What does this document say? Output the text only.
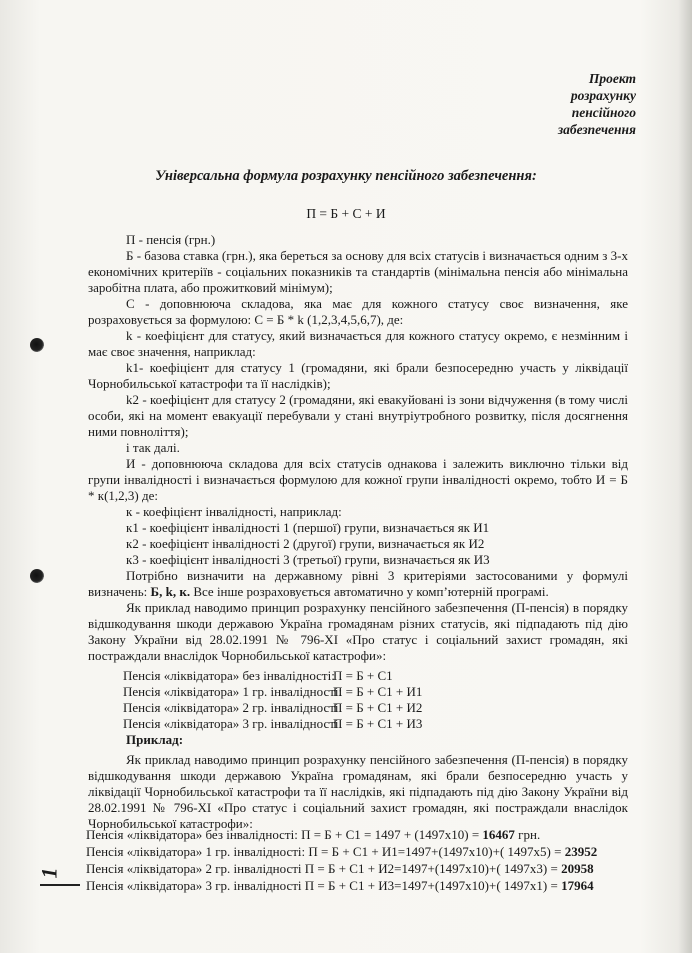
Проект
розрахунку
пенсійного
забезпечення
Універсальна формула розрахунку пенсійного забезпечення:
П = Б + С + И

П - пенсія (грн.)

Б - базова ставка (грн.), яка береться за основу для всіх статусів і визначається одним з 3-х економічних критеріїв - соціальних показників та стандартів (мінімальна пенсія або мінімальна заробітна плата, або прожитковий мінімум);

С - доповнююча складова, яка має для кожного статусу своє визначення, яке розраховується за формулою: С = Б * k (1,2,3,4,5,6,7), де:

k - коефіцієнт для статусу, який визначається для кожного статусу окремо, є незмінним і має своє значення, наприклад:

k1- коефіцієнт для статусу 1 (громадяни, які брали безпосередню участь у ліквідації Чорнобильської катастрофи та її наслідків);

k2 - коефіцієнт для статусу 2 (громадяни, які евакуйовані із зони відчуження (в тому числі особи, які на момент евакуації перебували у стані внутріутробного розвитку, після досягнення ними повноліття);

і так далі.

И - доповнююча складова для всіх статусів однакова і залежить виключно тільки від групи інвалідності і визначається формулою для кожної групи інвалідності окремо, тобто И = Б * к(1,2,3) де:

к - коефіцієнт інвалідності, наприклад:

к1 - коефіцієнт інвалідності 1 (першої) групи, визначається як И1

к2 - коефіцієнт інвалідності 2 (другої) групи, визначається як И2

к3 - коефіцієнт інвалідності 3 (третьої) групи, визначається як И3

Потрібно визначити на державному рівні 3 критеріями застосованими у формулі визначень: Б, k, к. Все інше розраховується автоматично у комп’ютерній програмі.

Як приклад наводимо принцип розрахунку пенсійного забезпечення (П-пенсія) в порядку відшкодування шкоди державою Україна громадянам різних статусів, які підпадають під дію Закону України від 28.02.1991 № 796-ХІ «Про статус і соціальний захист громадян, які постраждали внаслідок Чорнобильської катастрофи»:

Пенсія «ліквідатора» без інвалідності:
П = Б + С1
Пенсія «ліквідатора» 1 гр. інвалідності:
П = Б + С1 + И1
Пенсія «ліквідатора» 2 гр. інвалідності
П = Б + С1 + И2
Пенсія «ліквідатора» 3 гр. інвалідності
П = Б + С1 + И3

Приклад:

Як приклад наводимо принцип розрахунку пенсійного забезпечення (П-пенсія) в порядку відшкодування шкоди державою Україна громадянам, які брали безпосередню участь у ліквідації Чорнобильської катастрофи та її наслідків, які підпадають під дію Закону України від 28.02.1991 № 796-ХІ «Про статус і соціальний захист громадян, які постраждали внаслідок Чорнобильської катастрофи»:

Пенсія «ліквідатора» без інвалідності: П = Б + С1 = 1497 + (1497х10) = 16467 грн.

Пенсія «ліквідатора» 1 гр. інвалідності: П = Б + С1 + И1=1497+(1497х10)+( 1497х5) = 23952

Пенсія «ліквідатора» 2 гр. інвалідності П = Б + С1 + И2=1497+(1497х10)+( 1497х3) = 20958

Пенсія «ліквідатора» 3 гр. інвалідності П = Б + С1 + И3=1497+(1497х10)+( 1497х1) = 17964

1
